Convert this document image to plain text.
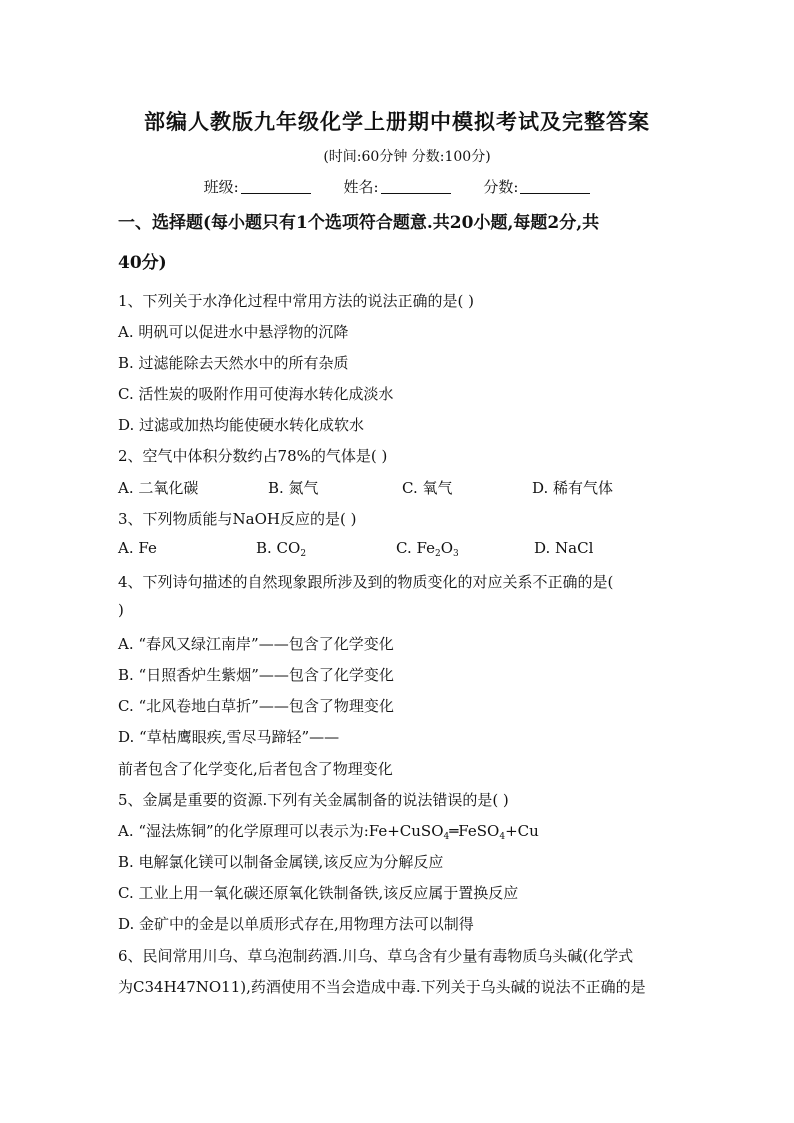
部编人教版九年级化学上册期中模拟考试及完整答案
(时间:60分钟 分数:100分)
班级:	姓名:	分数:
一、选择题(每小题只有1个选项符合题意.共20小题,每题2分,共
40分)
1、下列关于水净化过程中常用方法的说法正确的是( )
A. 明矾可以促进水中悬浮物的沉降
B. 过滤能除去天然水中的所有杂质
C. 活性炭的吸附作用可使海水转化成淡水
D. 过滤或加热均能使硬水转化成软水
2、空气中体积分数约占78%的气体是( )
A. 二氧化碳	B. 氮气	C. 氧气	D. 稀有气体
3、下列物质能与NaOH反应的是( )
A. Fe	B. $CO_2$	C. $Fe_2O_3$	D. NaCl
4、下列诗句描述的自然现象跟所涉及到的物质变化的对应关系不正确的是(
)
A. “春风又绿江南岸”——包含了化学变化
B. “日照香炉生紫烟”——包含了化学变化
C. “北风卷地白草折”——包含了物理变化
D. “草枯鹰眼疾,雪尽马蹄轻”——
前者包含了化学变化,后者包含了物理变化
5、金属是重要的资源.下列有关金属制备的说法错误的是( )
A. “湿法炼铜”的化学原理可以表示为:Fe+CuSO$_4$═FeSO$_4$+Cu
B. 电解氯化镁可以制备金属镁,该反应为分解反应
C. 工业上用一氧化碳还原氧化铁制备铁,该反应属于置换反应
D. 金矿中的金是以单质形式存在,用物理方法可以制得
6、民间常用川乌、草乌泡制药酒.川乌、草乌含有少量有毒物质乌头碱(化学式
为C34H47NO11),药酒使用不当会造成中毒.下列关于乌头碱的说法不正确的是
